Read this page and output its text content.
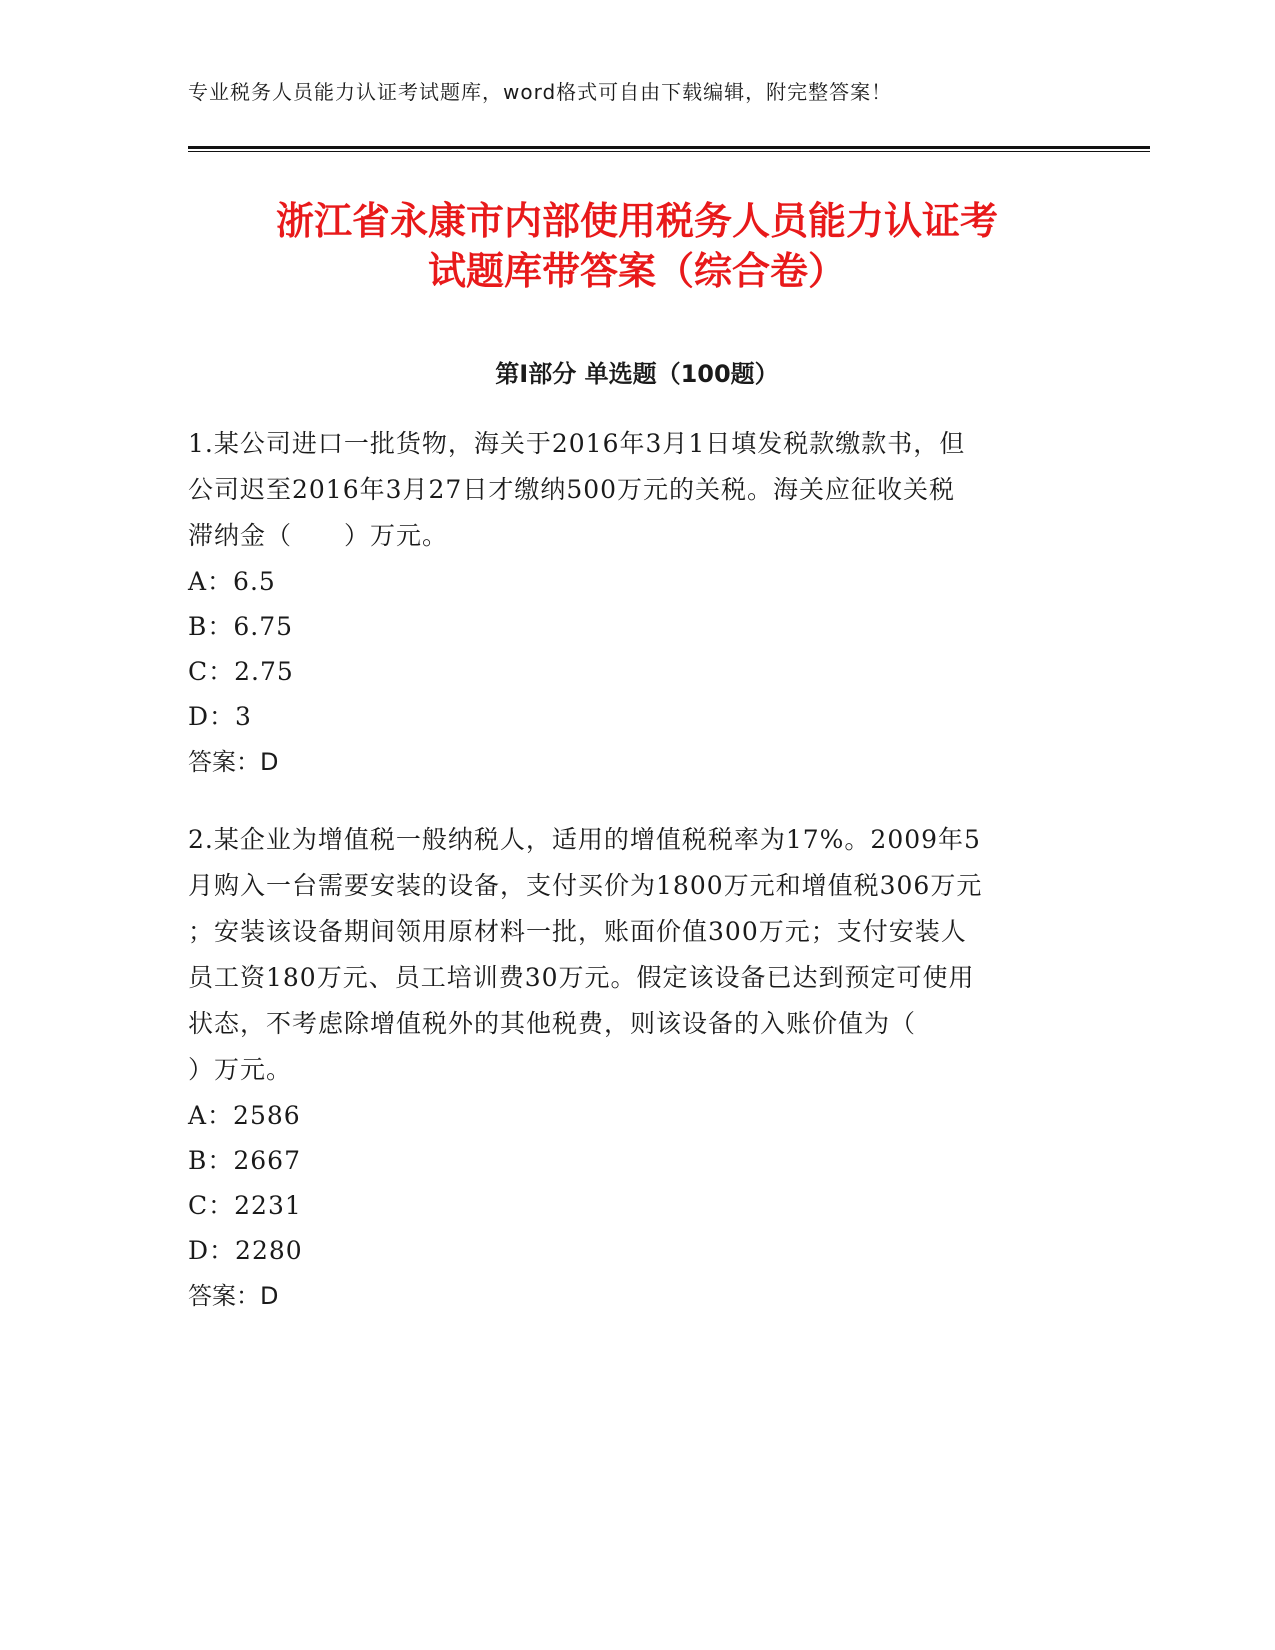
专业税务人员能力认证考试题库，word格式可自由下载编辑，附完整答案！
浙江省永康市内部使用税务人员能力认证考
试题库带答案（综合卷）
第Ⅰ部分 单选题（100题）

1.某公司进口一批货物，海关于2016年3月1日填发税款缴款书，但

公司迟至2016年3月27日才缴纳500万元的关税。海关应征收关税

滞纳金（　　）万元。

A：6.5

B：6.75

C：2.75

D：3

答案：D

2.某企业为增值税一般纳税人，适用的增值税税率为17%。2009年5

月购入一台需要安装的设备，支付买价为1800万元和增值税306万元

；安装该设备期间领用原材料一批，账面价值300万元；支付安装人

员工资180万元、员工培训费30万元。假定该设备已达到预定可使用

状态，不考虑除增值税外的其他税费，则该设备的入账价值为（

）万元。

A：2586

B：2667

C：2231

D：2280

答案：D
